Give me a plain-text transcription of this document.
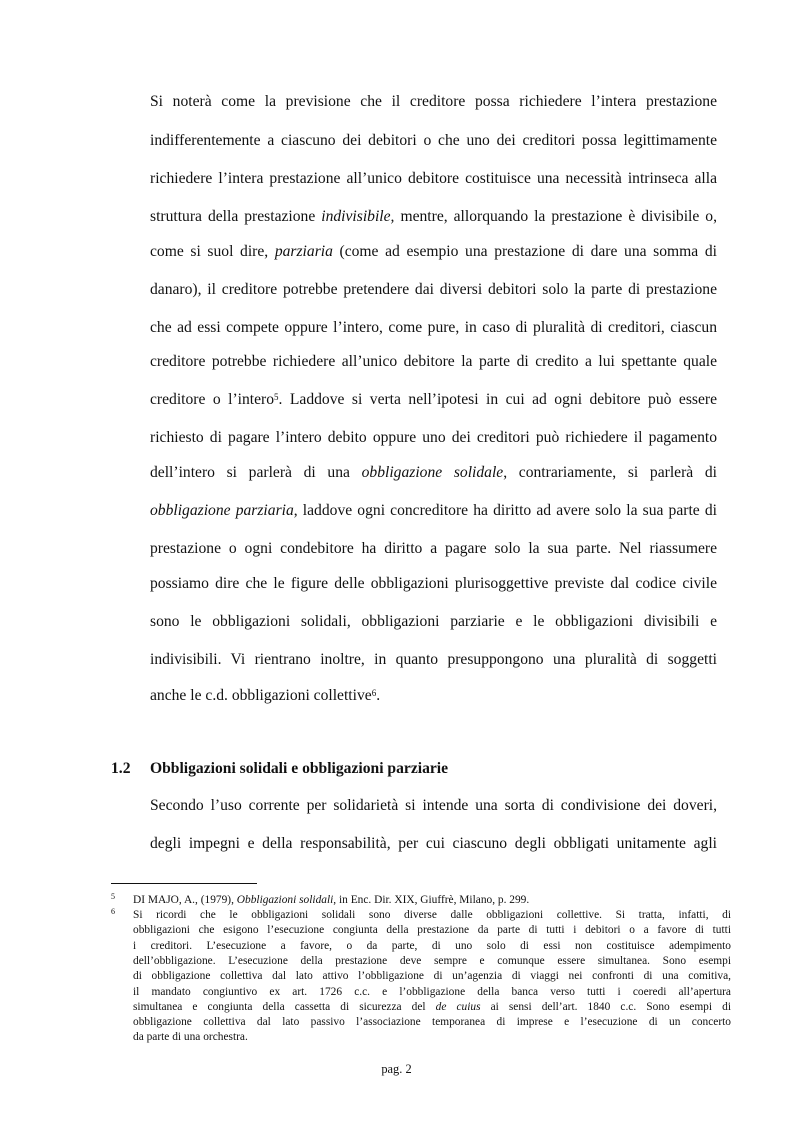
Si noterà come la previsione che il creditore possa richiedere l’intera prestazione
indifferentemente a ciascuno dei debitori o che uno dei creditori possa legittimamente
richiedere l’intera prestazione all’unico debitore costituisce una necessità intrinseca alla
struttura della prestazione indivisibile, mentre, allorquando la prestazione è divisibile o,
come si suol dire, parziaria (come ad esempio una prestazione di dare una somma di
danaro), il creditore potrebbe pretendere dai diversi debitori solo la parte di prestazione
che ad essi compete oppure l’intero, come pure, in caso di pluralità di creditori, ciascun
creditore potrebbe richiedere all’unico debitore la parte di credito a lui spettante quale
creditore o l’intero$^5$. Laddove si verta nell’ipotesi in cui ad ogni debitore può essere
richiesto di pagare l’intero debito oppure uno dei creditori può richiedere il pagamento
dell’intero si parlerà di una obbligazione solidale, contrariamente, si parlerà di
obbligazione parziaria, laddove ogni concreditore ha diritto ad avere solo la sua parte di
prestazione o ogni condebitore ha diritto a pagare solo la sua parte. Nel riassumere
possiamo dire che le figure delle obbligazioni plurisoggettive previste dal codice civile
sono le obbligazioni solidali, obbligazioni parziarie e le obbligazioni divisibili e
indivisibili. Vi rientrano inoltre, in quanto presuppongono una pluralità di soggetti
anche le c.d. obbligazioni collettive$^6$.
1.2 Obbligazioni solidali e obbligazioni parziarie
Secondo l’uso corrente per solidarietà si intende una sorta di condivisione dei doveri,
degli impegni e della responsabilità, per cui ciascuno degli obbligati unitamente agli
5 DI MAJO, A., (1979), Obbligazioni solidali, in Enc. Dir. XIX, Giuffrè, Milano, p. 299.
6 Si ricordi che le obbligazioni solidali sono diverse dalle obbligazioni collettive. Si tratta, infatti, di
obbligazioni che esigono l’esecuzione congiunta della prestazione da parte di tutti i debitori o a favore di tutti
i creditori. L’esecuzione a favore, o da parte, di uno solo di essi non costituisce adempimento
dell’obbligazione. L’esecuzione della prestazione deve sempre e comunque essere simultanea. Sono esempi
di obbligazione collettiva dal lato attivo l’obbligazione di un’agenzia di viaggi nei confronti di una comitiva,
il mandato congiuntivo ex art. 1726 c.c. e l’obbligazione della banca verso tutti i coeredi all’apertura
simultanea e congiunta della cassetta di sicurezza del de cuius ai sensi dell’art. 1840 c.c. Sono esempi di
obbligazione collettiva dal lato passivo l’associazione temporanea di imprese e l’esecuzione di un concerto
da parte di una orchestra.
pag. 2
